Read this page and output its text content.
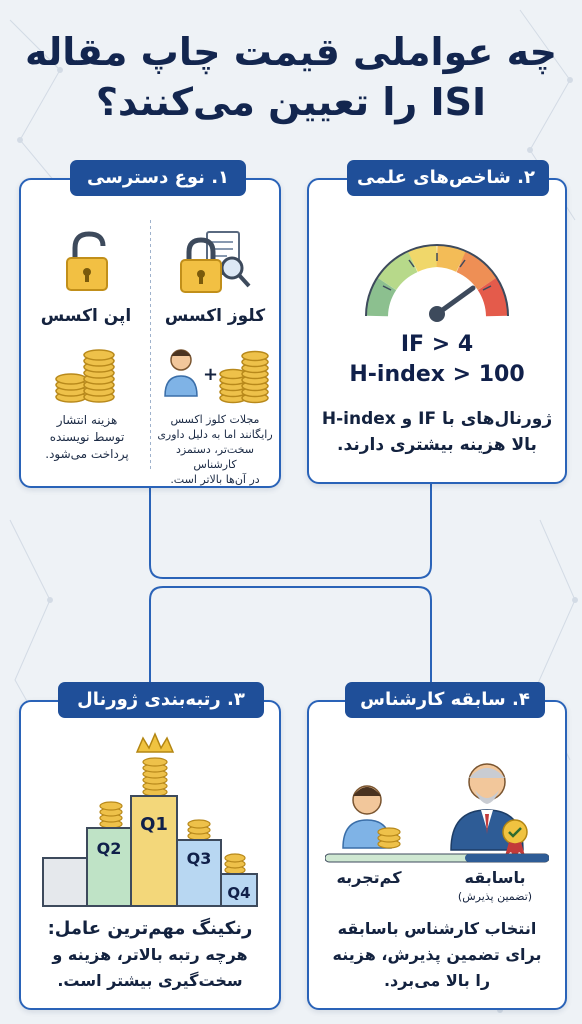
چه عواملی قیمت چاپ مقاله
ISI را تعیین می‌کنند؟
اپن اکسس	کلوز اکسس
+
هزینه انتشار
توسط نویسنده
پرداخت می‌شود.
مجلات کلوز اکسس
رایگانند اما به دلیل داوری
سخت‌تر، دستمزد کارشناس
در آن‌ها بالاتر است.
۱. نوع دسترسی
IF > 4
H-index > 100
ژورنال‌های با IF و H-index
بالا هزینه بیشتری دارند.
۲. شاخص‌های علمی
Q1
Q2
Q3
Q4
رنکینگ مهم‌ترین عامل:
هرچه رتبه بالاتر، هزینه و
سخت‌گیری بیشتر است.
۳. رتبه‌بندی ژورنال
کم‌تجربه	باسابقه
(تضمین پذیرش)
انتخاب کارشناس باسابقه
برای تضمین پذیرش، هزینه
را بالا می‌برد.
۴. سابقه کارشناس
